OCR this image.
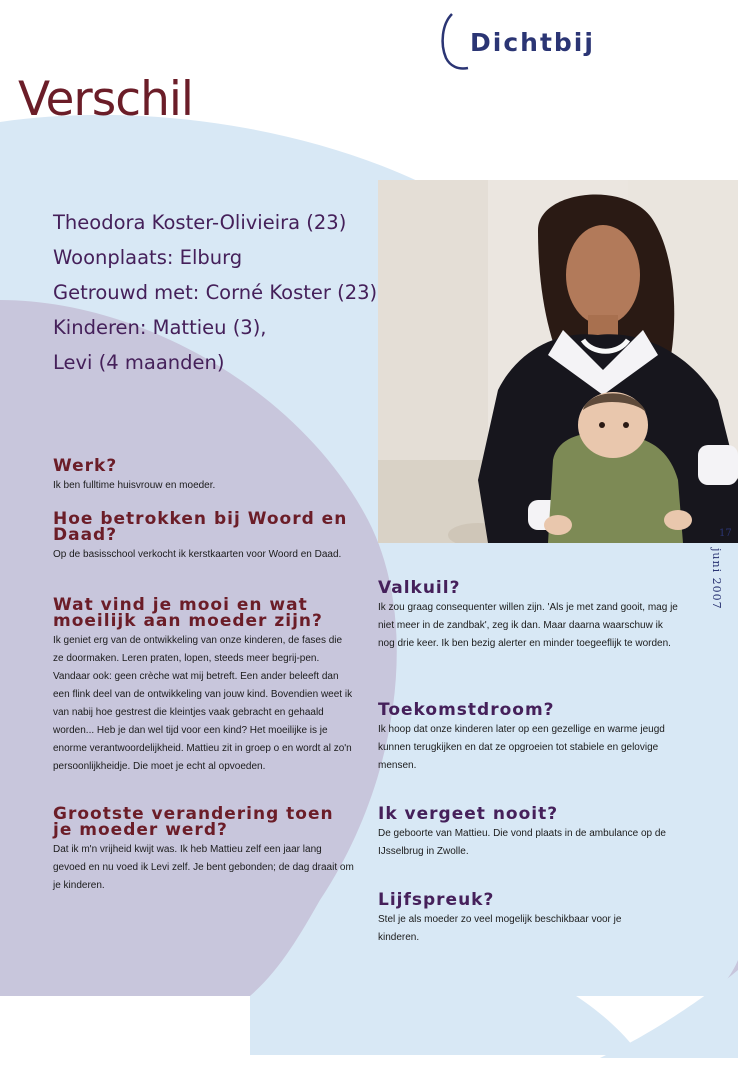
Dichtbij
Verschil
Theodora Koster-Olivieira (23)
Woonplaats: Elburg
Getrouwd met: Corné Koster (23)
Kinderen: Mattieu (3),
Levi (4 maanden)
17
juni 2007
Werk?

Ik ben fulltime huisvrouw en moeder.

Hoe betrokken bij Woord en Daad?

Op de basisschool verkocht ik kerstkaarten voor Woord en Daad.

Wat vind je mooi en wat moeilijk aan moeder zijn?

Ik geniet erg van de ontwikkeling van onze kinderen, de fases die ze doormaken. Leren praten, lopen, steeds meer begrij-pen. Vandaar ook: geen crèche wat mij betreft. Een ander beleeft dan een flink deel van de ontwikkeling van jouw kind. Bovendien weet ik van nabij hoe gestrest die kleintjes vaak gebracht en gehaald worden... Heb je dan wel tijd voor een kind? Het moeilijke is je enorme verantwoordelijkheid. Mattieu zit in groep o en wordt al zo'n persoonlijkheidje. Die moet je echt al opvoeden.

Grootste verandering toen je moeder werd?

Dat ik m'n vrijheid kwijt was. Ik heb Mattieu zelf een jaar lang gevoed en nu voed ik Levi zelf. Je bent gebonden; de dag draait om je kinderen.

Valkuil?

Ik zou graag consequenter willen zijn. 'Als je met zand gooit, mag je niet meer in de zandbak', zeg ik dan. Maar daarna waarschuw ik nog drie keer. Ik ben bezig alerter en minder toegeeflijk te worden.

Toekomstdroom?

Ik hoop dat onze kinderen later op een gezellige en warme jeugd kunnen terugkijken en dat ze opgroeien tot stabiele en gelovige mensen.

Ik vergeet nooit?

De geboorte van Mattieu. Die vond plaats in de ambulance op de IJsselbrug in Zwolle.

Lijfspreuk?

Stel je als moeder zo veel mogelijk beschikbaar voor je kinderen.
